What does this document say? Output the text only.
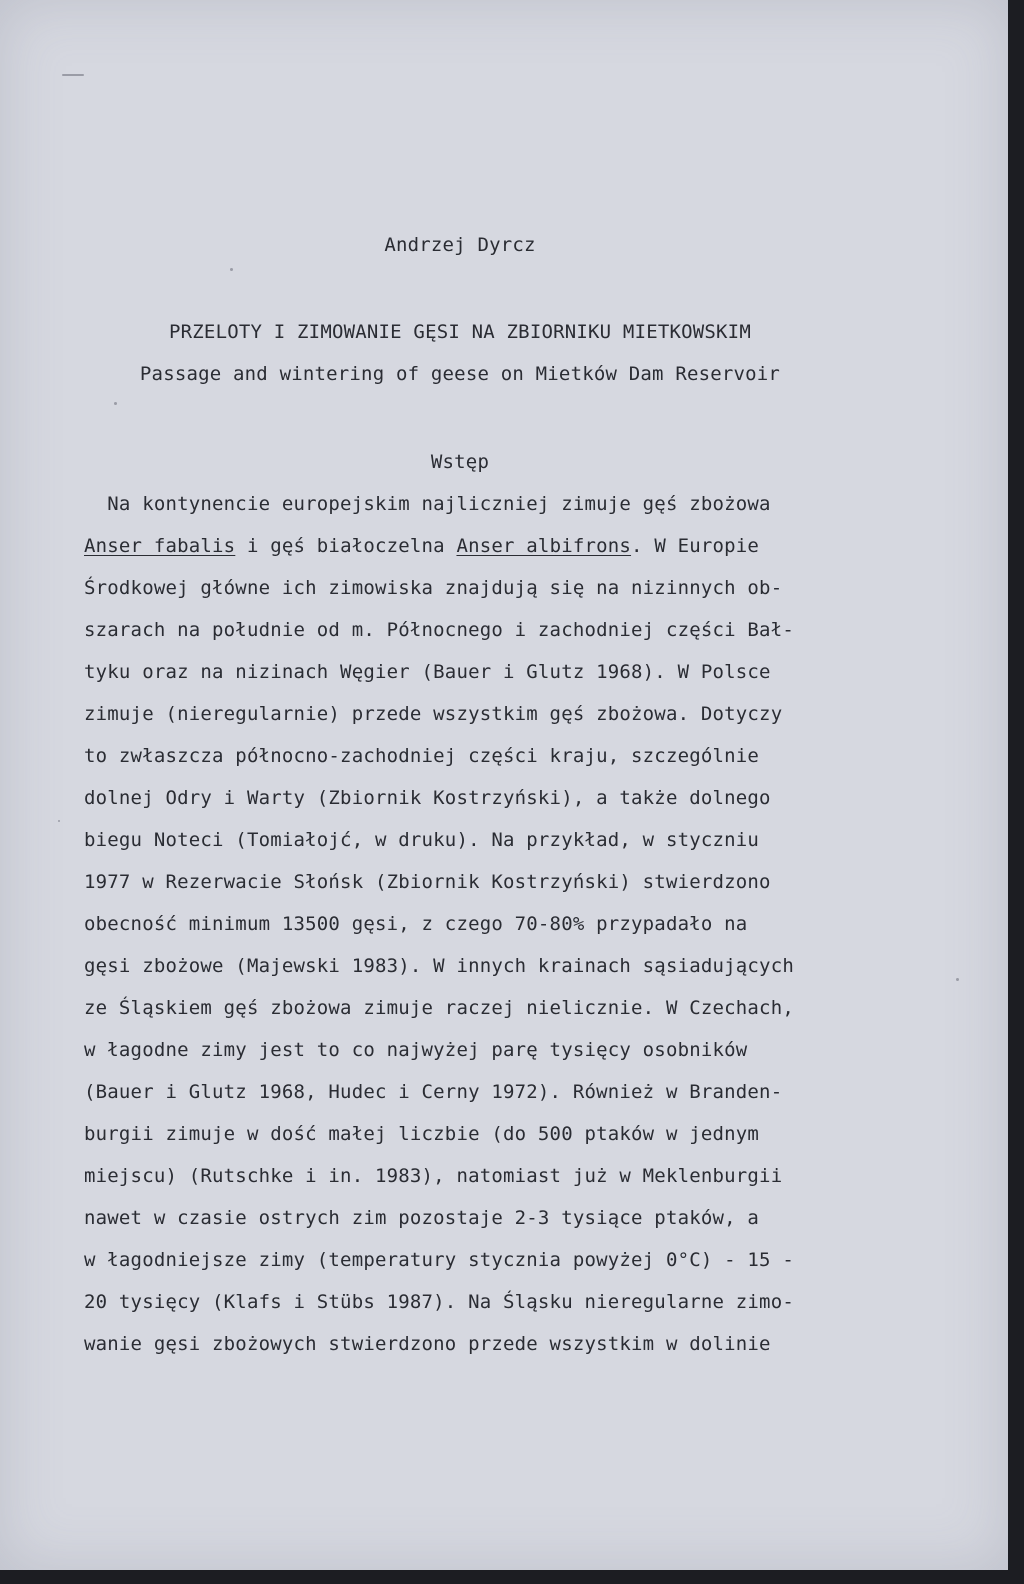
Andrzej Dyrcz
PRZELOTY I ZIMOWANIE GĘSI NA ZBIORNIKU MIETKOWSKIM
Passage and wintering of geese on Mietków Dam Reservoir
Wstęp
Na kontynencie europejskim najliczniej zimuje gęś zbożowa
Anser fabalis i gęś białoczelna Anser albifrons. W Europie
Środkowej główne ich zimowiska znajdują się na nizinnych ob-
szarach na południe od m. Północnego i zachodniej części Bał-
tyku oraz na nizinach Węgier (Bauer i Glutz 1968). W Polsce
zimuje (nieregularnie) przede wszystkim gęś zbożowa. Dotyczy
to zwłaszcza północno-zachodniej części kraju, szczególnie
dolnej Odry i Warty (Zbiornik Kostrzyński), a także dolnego
biegu Noteci (Tomiałojć, w druku). Na przykład, w styczniu
1977 w Rezerwacie Słońsk (Zbiornik Kostrzyński) stwierdzono
obecność minimum 13500 gęsi, z czego 70-80% przypadało na
gęsi zbożowe (Majewski 1983). W innych krainach sąsiadujących
ze Śląskiem gęś zbożowa zimuje raczej nielicznie. W Czechach,
w łagodne zimy jest to co najwyżej parę tysięcy osobników
(Bauer i Glutz 1968, Hudec i Cerny 1972). Również w Branden-
burgii zimuje w dość małej liczbie (do 500 ptaków w jednym
miejscu) (Rutschke i in. 1983), natomiast już w Meklenburgii
nawet w czasie ostrych zim pozostaje 2-3 tysiące ptaków, a
w łagodniejsze zimy (temperatury stycznia powyżej 0°C) - 15 -
20 tysięcy (Klafs i Stübs 1987). Na Śląsku nieregularne zimo-
wanie gęsi zbożowych stwierdzono przede wszystkim w dolinie
